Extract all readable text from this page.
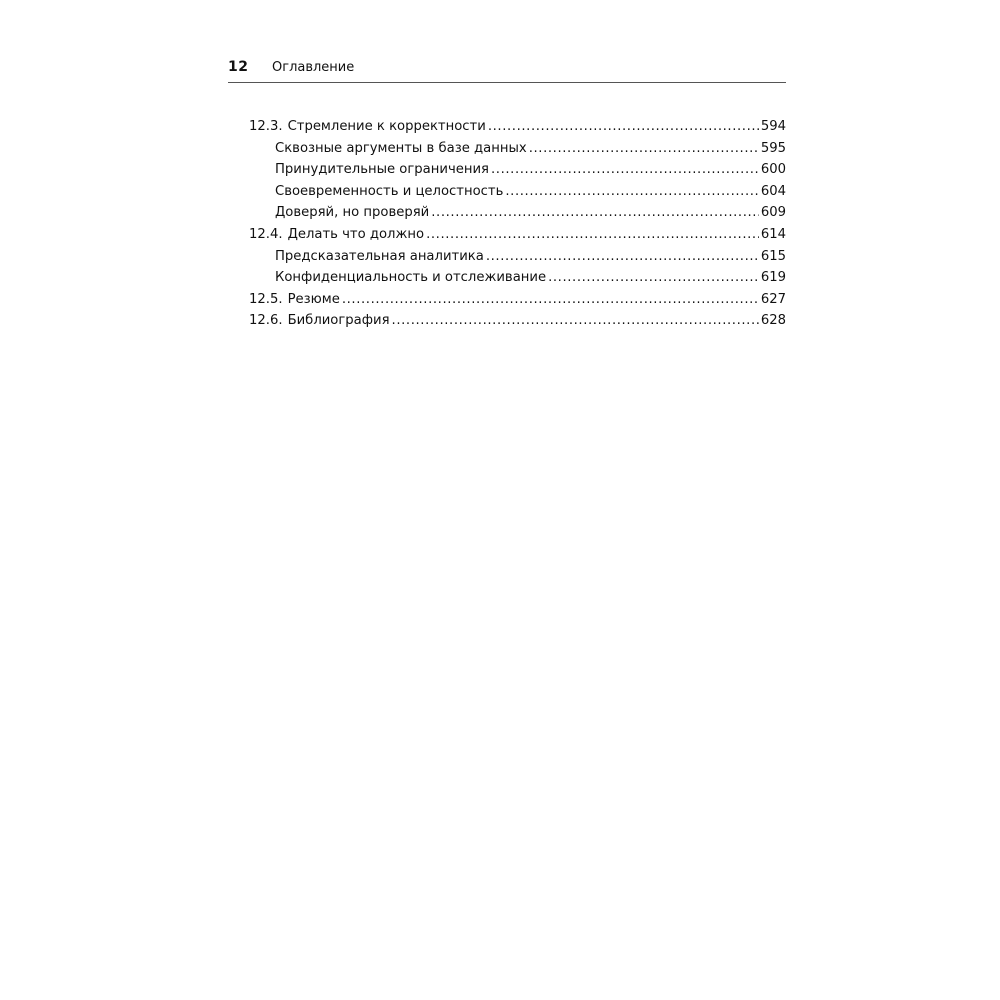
12 Оглавление
12.3. Стремление к корректности .....	594
Сквозные аргументы в базе данных .....	595
Принудительные ограничения .....	600
Своевременность и целостность .....	604
Доверяй, но проверяй .....	609
12.4. Делать что должно .....	614
Предсказательная аналитика .....	615
Конфиденциальность и отслеживание .....	619
12.5. Резюме .....	627
12.6. Библиография .....	628
